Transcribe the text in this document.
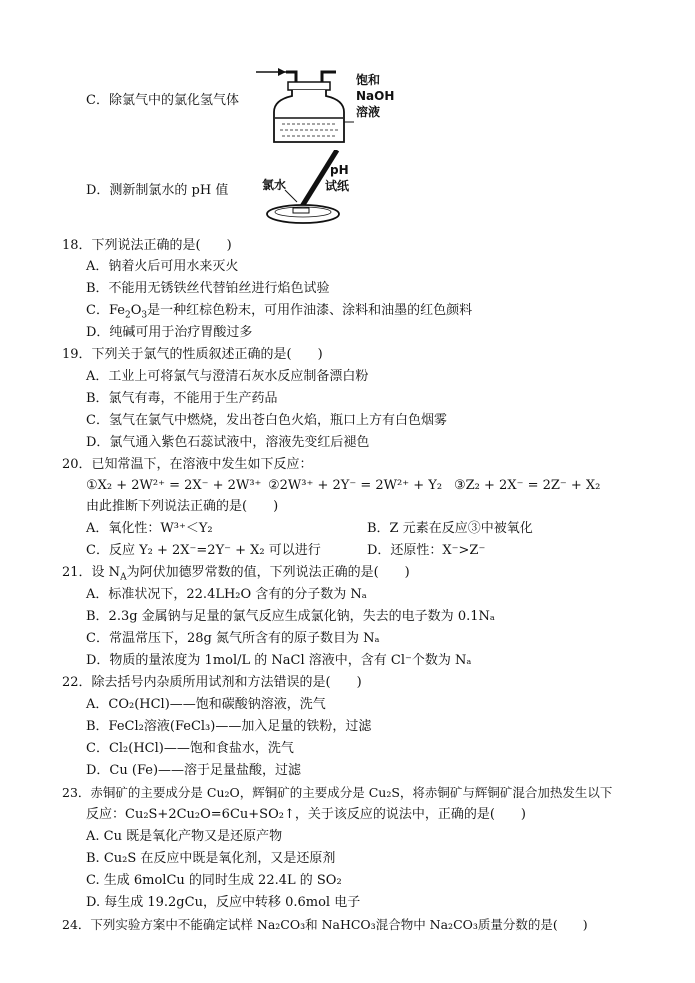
C．除氯气中的氯化氢气体
饱和
NaOH
溶液
D．测新制氯水的 pH 值	氯水
pH
试纸
18．下列说法正确的是(　　)
A．钠着火后可用水来灭火
B．不能用无锈铁丝代替铂丝进行焰色试验
C．$Fe_2O_3$是一种红棕色粉末，可用作油漆、涂料和油墨的红色颜料
D．纯碱可用于治疗胃酸过多
19．下列关于氯气的性质叙述正确的是(　　)
A．工业上可将氯气与澄清石灰水反应制备漂白粉
B．氯气有毒，不能用于生产药品
C．氢气在氯气中燃烧，发出苍白色火焰，瓶口上方有白色烟雾
D．氯气通入紫色石蕊试液中，溶液先变红后褪色
20．已知常温下，在溶液中发生如下反应：
①X₂ + 2W²⁺ = 2X⁻ + 2W³⁺ ②2W³⁺ + 2Y⁻ = 2W²⁺ + Y₂ ③Z₂ + 2X⁻ = 2Z⁻ + X₂
由此推断下列说法正确的是(　　)
A．氧化性：W³⁺＜Y₂	B．Z 元素在反应③中被氧化
C．反应 Y₂ + 2X⁻=2Y⁻ + X₂ 可以进行	D．还原性：X⁻>Z⁻
21．设 $N_A$为阿伏加德罗常数的值，下列说法正确的是(　　)
A．标准状况下，22.4LH₂O 含有的分子数为 Nₐ
B．2.3g 金属钠与足量的氯气反应生成氯化钠，失去的电子数为 0.1Nₐ
C．常温常压下，28g 氮气所含有的原子数目为 Nₐ
D．物质的量浓度为 1mol/L 的 NaCl 溶液中，含有 Cl⁻个数为 Nₐ
22．除去括号内杂质所用试剂和方法错误的是(　　)
A．CO₂(HCl)——饱和碳酸钠溶液，洗气
B．FeCl₂溶液(FeCl₃)——加入足量的铁粉，过滤
C．Cl₂(HCl)——饱和食盐水，洗气
D．Cu (Fe)——溶于足量盐酸，过滤
23．赤铜矿的主要成分是 Cu₂O，辉铜矿的主要成分是 Cu₂S，将赤铜矿与辉铜矿混合加热发生以下
反应：Cu₂S+2Cu₂O=6Cu+SO₂↑，关于该反应的说法中，正确的是(　　)
A. Cu 既是氧化产物又是还原产物
B. Cu₂S 在反应中既是氧化剂，又是还原剂
C. 生成 6molCu 的同时生成 22.4L 的 SO₂
D. 每生成 19.2gCu，反应中转移 0.6mol 电子
24．下列实验方案中不能确定试样 Na₂CO₃和 NaHCO₃混合物中 Na₂CO₃质量分数的是(　　)
